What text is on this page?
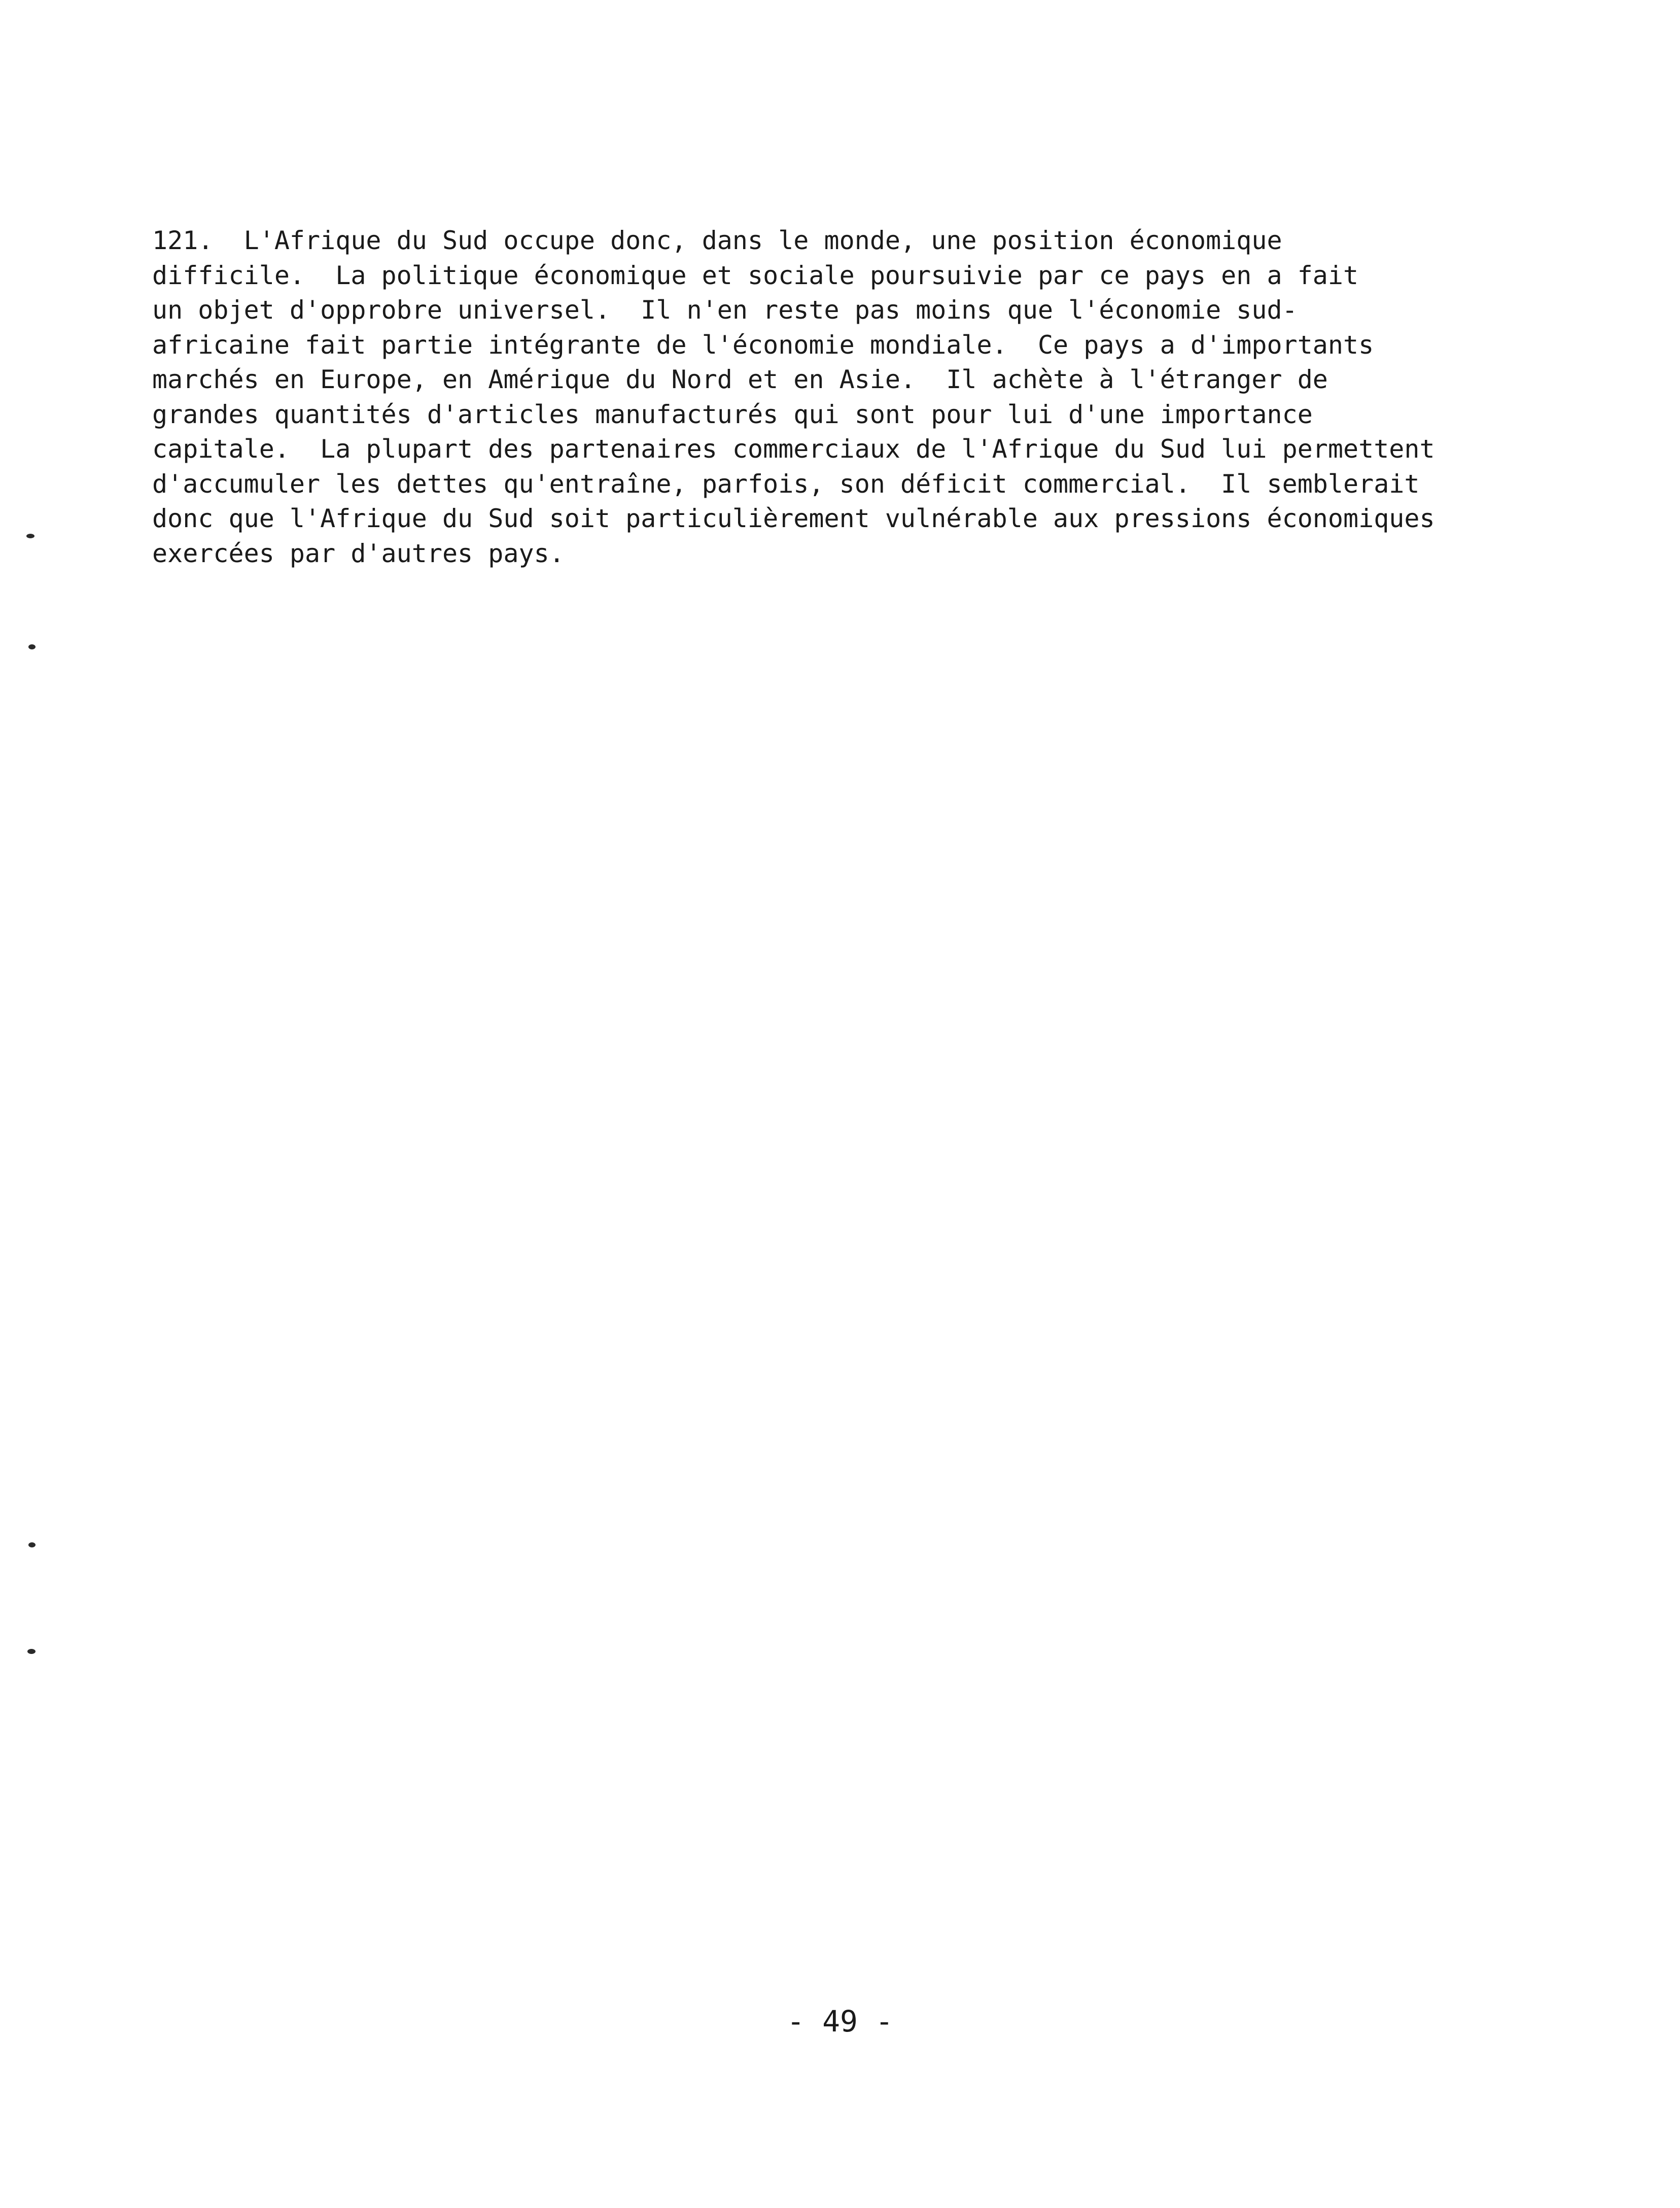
121.  L'Afrique du Sud occupe donc, dans le monde, une position économique
difficile.  La politique économique et sociale poursuivie par ce pays en a fait
un objet d'opprobre universel.  Il n'en reste pas moins que l'économie sud-
africaine fait partie intégrante de l'économie mondiale.  Ce pays a d'importants
marchés en Europe, en Amérique du Nord et en Asie.  Il achète à l'étranger de
grandes quantités d'articles manufacturés qui sont pour lui d'une importance
capitale.  La plupart des partenaires commerciaux de l'Afrique du Sud lui permettent
d'accumuler les dettes qu'entraîne, parfois, son déficit commercial.  Il semblerait
donc que l'Afrique du Sud soit particulièrement vulnérable aux pressions économiques
exercées par d'autres pays.

- 49 -
